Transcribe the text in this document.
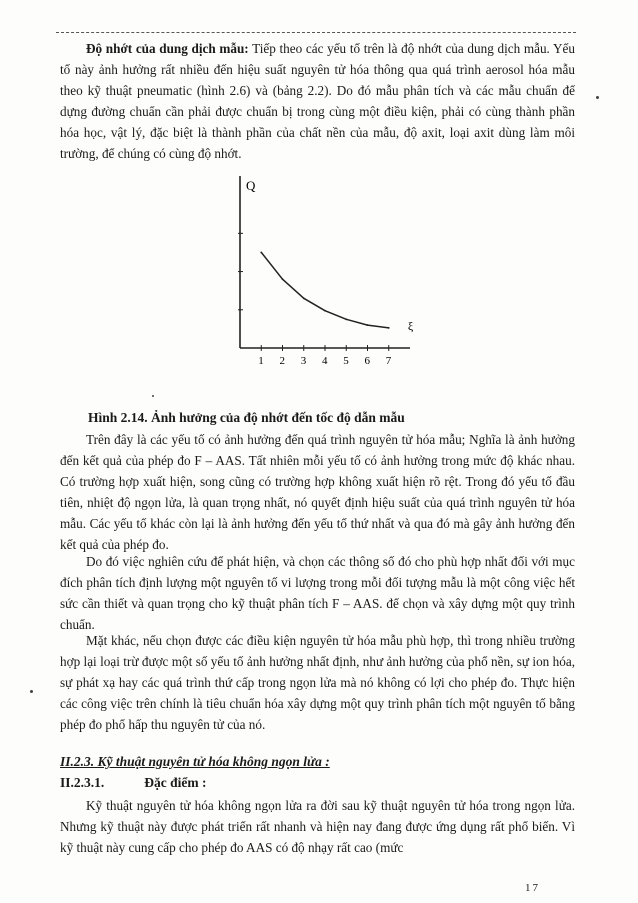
Độ nhớt của dung dịch mẫu: Tiếp theo các yếu tố trên là độ nhớt của dung dịch mẫu. Yếu tố này ảnh hưởng rất nhiều đến hiệu suất nguyên tử hóa thông qua quá trình aerosol hóa mẫu theo kỹ thuật pneumatic (hình 2.6) và (bảng 2.2). Do đó mẫu phân tích và các mẫu chuẩn để dựng đường chuẩn cần phải được chuẩn bị trong cùng một điều kiện, phải có cùng thành phần hóa học, vật lý, đặc biệt là thành phần của chất nền của mẫu, độ axit, loại axit dùng làm môi trường, để chúng có cùng độ nhớt.
Q
ξ
1 2 3 4 5 6 7
Hình 2.14. Ảnh hưởng của độ nhớt đến tốc độ dẫn mẫu
Trên đây là các yếu tố có ảnh hưởng đến quá trình nguyên tử hóa mẫu; Nghĩa là ảnh hưởng đến kết quả của phép đo F – AAS. Tất nhiên mỗi yếu tố có ảnh hưởng trong mức độ khác nhau. Có trường hợp xuất hiện, song cũng có trường hợp không xuất hiện rõ rệt. Trong đó yếu tố đầu tiên, nhiệt độ ngọn lửa, là quan trọng nhất, nó quyết định hiệu suất của quá trình nguyên tử hóa mẫu. Các yếu tố khác còn lại là ảnh hưởng đến yếu tố thứ nhất và qua đó mà gây ảnh hưởng đến kết quả của phép đo.
Do đó việc nghiên cứu để phát hiện, và chọn các thông số đó cho phù hợp nhất đối với mục đích phân tích định lượng một nguyên tố vi lượng trong mỗi đối tượng mẫu là một công việc hết sức cần thiết và quan trọng cho kỹ thuật phân tích F – AAS. để chọn và xây dựng một quy trình chuẩn.
Mặt khác, nếu chọn được các điều kiện nguyên tử hóa mẫu phù hợp, thì trong nhiều trường hợp lại loại trừ được một số yếu tố ảnh hưởng nhất định, như ảnh hưởng của phổ nền, sự ion hóa, sự phát xạ hay các quá trình thứ cấp trong ngọn lửa mà nó không có lợi cho phép đo. Thực hiện các công việc trên chính là tiêu chuẩn hóa xây dựng một quy trình phân tích một nguyên tố bằng phép đo phổ hấp thu nguyên tử của nó.
II.2.3. Kỹ thuật nguyên tử hóa không ngọn lửa :
II.2.3.1.	Đặc điểm :
Kỹ thuật nguyên tử hóa không ngọn lửa ra đời sau kỹ thuật nguyên tử hóa trong ngọn lửa. Nhưng kỹ thuật này được phát triển rất nhanh và hiện nay đang được ứng dụng rất phổ biến. Vì kỹ thuật này cung cấp cho phép đo AAS có độ nhạy rất cao (mức
17
